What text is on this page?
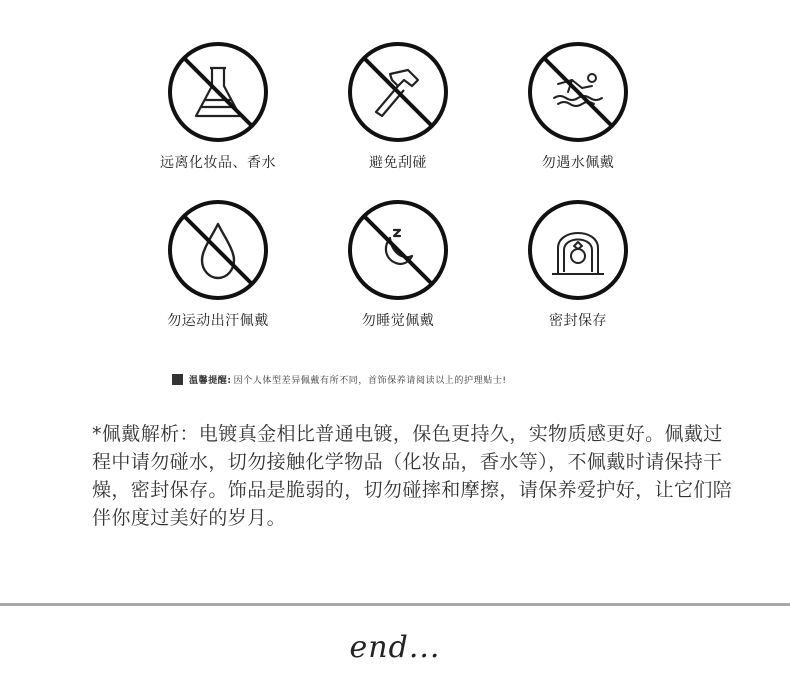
远离化妆品、香水	避免刮碰	勿遇水佩戴
勿运动出汗佩戴	勿睡觉佩戴	密封保存
温馨提醒: 因个人体型差异佩戴有所不同，首饰保养请阅读以上的护理贴士!
*佩戴解析：电镀真金相比普通电镀，保色更持久，实物质感更好。佩戴过程中请勿碰水，切勿接触化学物品（化妆品，香水等），不佩戴时请保持干燥，密封保存。饰品是脆弱的，切勿碰摔和摩擦，请保养爱护好，让它们陪伴你度过美好的岁月。
end...
